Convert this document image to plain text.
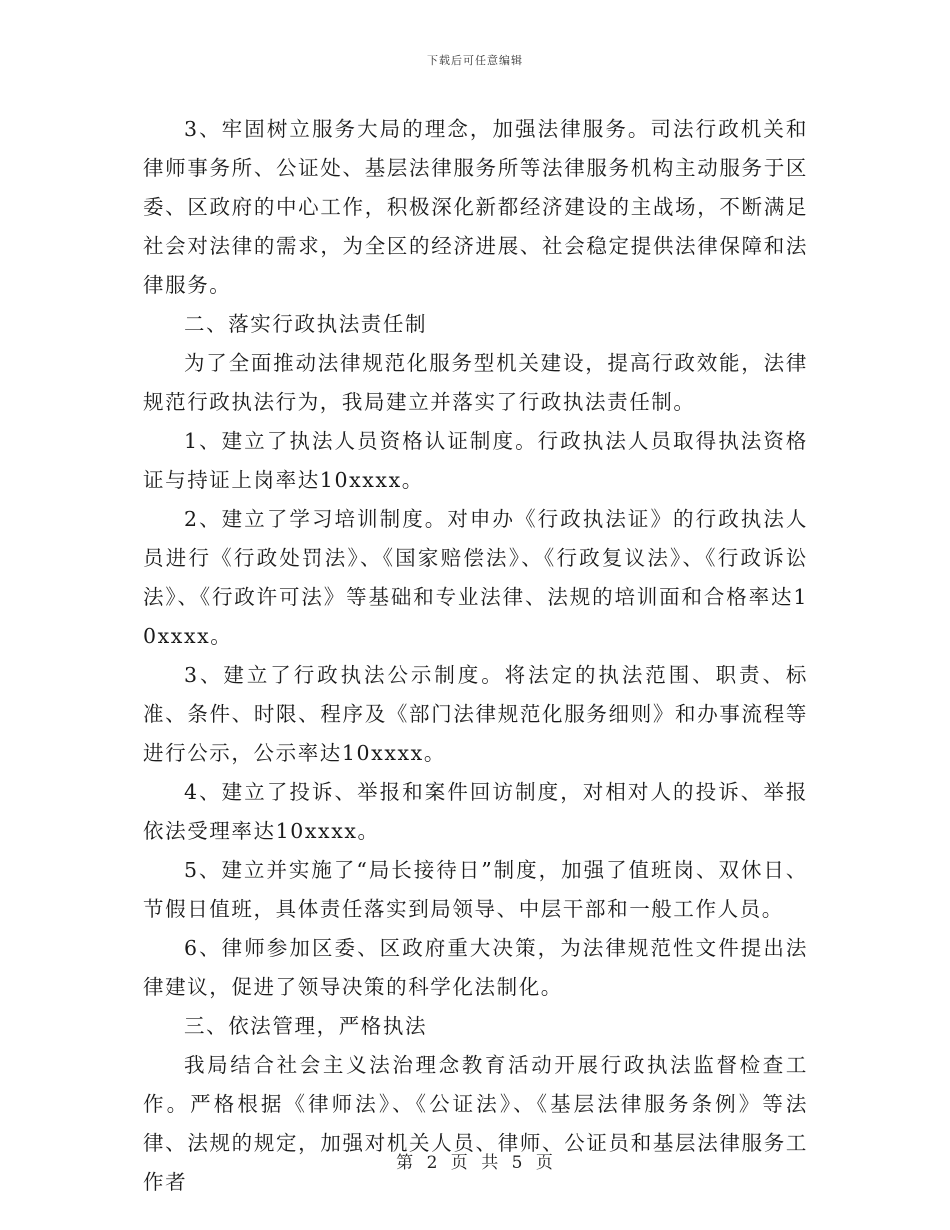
下载后可任意编辑

3、牢固树立服务大局的理念，加强法律服务。司法行政机关和律师事务所、公证处、基层法律服务所等法律服务机构主动服务于区委、区政府的中心工作，积极深化新都经济建设的主战场，不断满足社会对法律的需求，为全区的经济进展、社会稳定提供法律保障和法律服务。

二、落实行政执法责任制

为了全面推动法律规范化服务型机关建设，提高行政效能，法律规范行政执法行为，我局建立并落实了行政执法责任制。

1、建立了执法人员资格认证制度。行政执法人员取得执法资格证与持证上岗率达10xxxx。

2、建立了学习培训制度。对申办《行政执法证》的行政执法人员进行《行政处罚法》、《国家赔偿法》、《行政复议法》、《行政诉讼法》、《行政许可法》等基础和专业法律、法规的培训面和合格率达10xxxx。

3、建立了行政执法公示制度。将法定的执法范围、职责、标准、条件、时限、程序及《部门法律规范化服务细则》和办事流程等进行公示，公示率达10xxxx。

4、建立了投诉、举报和案件回访制度，对相对人的投诉、举报依法受理率达10xxxx。

5、建立并实施了“局长接待日”制度，加强了值班岗、双休日、节假日值班，具体责任落实到局领导、中层干部和一般工作人员。

6、律师参加区委、区政府重大决策，为法律规范性文件提出法律建议，促进了领导决策的科学化法制化。

三、依法管理，严格执法

我局结合社会主义法治理念教育活动开展行政执法监督检查工作。严格根据《律师法》、《公证法》、《基层法律服务条例》等法律、法规的规定，加强对机关人员、律师、公证员和基层法律服务工作者

第 2 页 共 5 页
